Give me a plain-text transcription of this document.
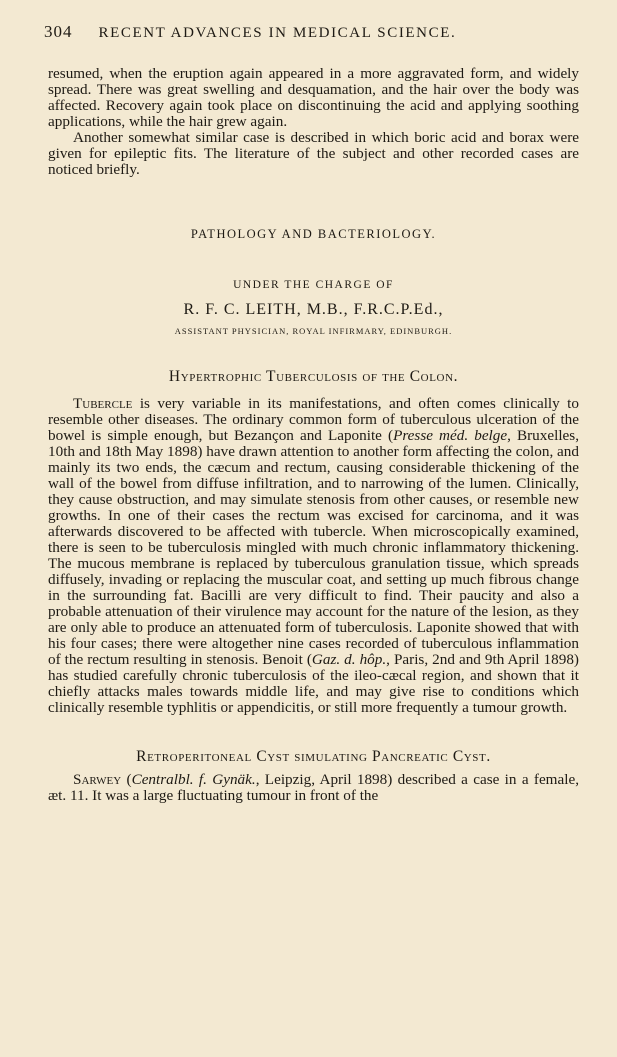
304 RECENT ADVANCES IN MEDICAL SCIENCE.

resumed, when the eruption again appeared in a more aggravated form, and widely spread. There was great swelling and desquamation, and the hair over the body was affected. Recovery again took place on discontinuing the acid and applying soothing applications, while the hair grew again.

Another somewhat similar case is described in which boric acid and borax were given for epileptic fits. The literature of the subject and other recorded cases are noticed briefly.

PATHOLOGY AND BACTERIOLOGY.
UNDER THE CHARGE OF
R. F. C. LEITH, M.B., F.R.C.P.Ed.,
ASSISTANT PHYSICIAN, ROYAL INFIRMARY, EDINBURGH.
Hypertrophic Tuberculosis of the Colon.

Tubercle is very variable in its manifestations, and often comes clinically to resemble other diseases. The ordinary common form of tuberculous ulceration of the bowel is simple enough, but Bezançon and Laponite (Presse méd. belge, Bruxelles, 10th and 18th May 1898) have drawn attention to another form affecting the colon, and mainly its two ends, the cæcum and rectum, causing considerable thickening of the wall of the bowel from diffuse infiltration, and to narrowing of the lumen. Clinically, they cause obstruction, and may simulate stenosis from other causes, or resemble new growths. In one of their cases the rectum was excised for carcinoma, and it was afterwards discovered to be affected with tubercle. When microscopically examined, there is seen to be tuberculosis mingled with much chronic inflammatory thickening. The mucous membrane is replaced by tuberculous granulation tissue, which spreads diffusely, invading or replacing the muscular coat, and setting up much fibrous change in the surrounding fat. Bacilli are very difficult to find. Their paucity and also a probable attenuation of their virulence may account for the nature of the lesion, as they are only able to produce an attenuated form of tuberculosis. Laponite showed that with his four cases; there were altogether nine cases recorded of tuberculous inflammation of the rectum resulting in stenosis. Benoit (Gaz. d. hôp., Paris, 2nd and 9th April 1898) has studied carefully chronic tuberculosis of the ileo-cæcal region, and shown that it chiefly attacks males towards middle life, and may give rise to conditions which clinically resemble typhlitis or appendicitis, or still more frequently a tumour growth.

Retroperitoneal Cyst simulating Pancreatic Cyst.

Sarwey (Centralbl. f. Gynäk., Leipzig, April 1898) described a case in a female, æt. 11. It was a large fluctuating tumour in front of the
